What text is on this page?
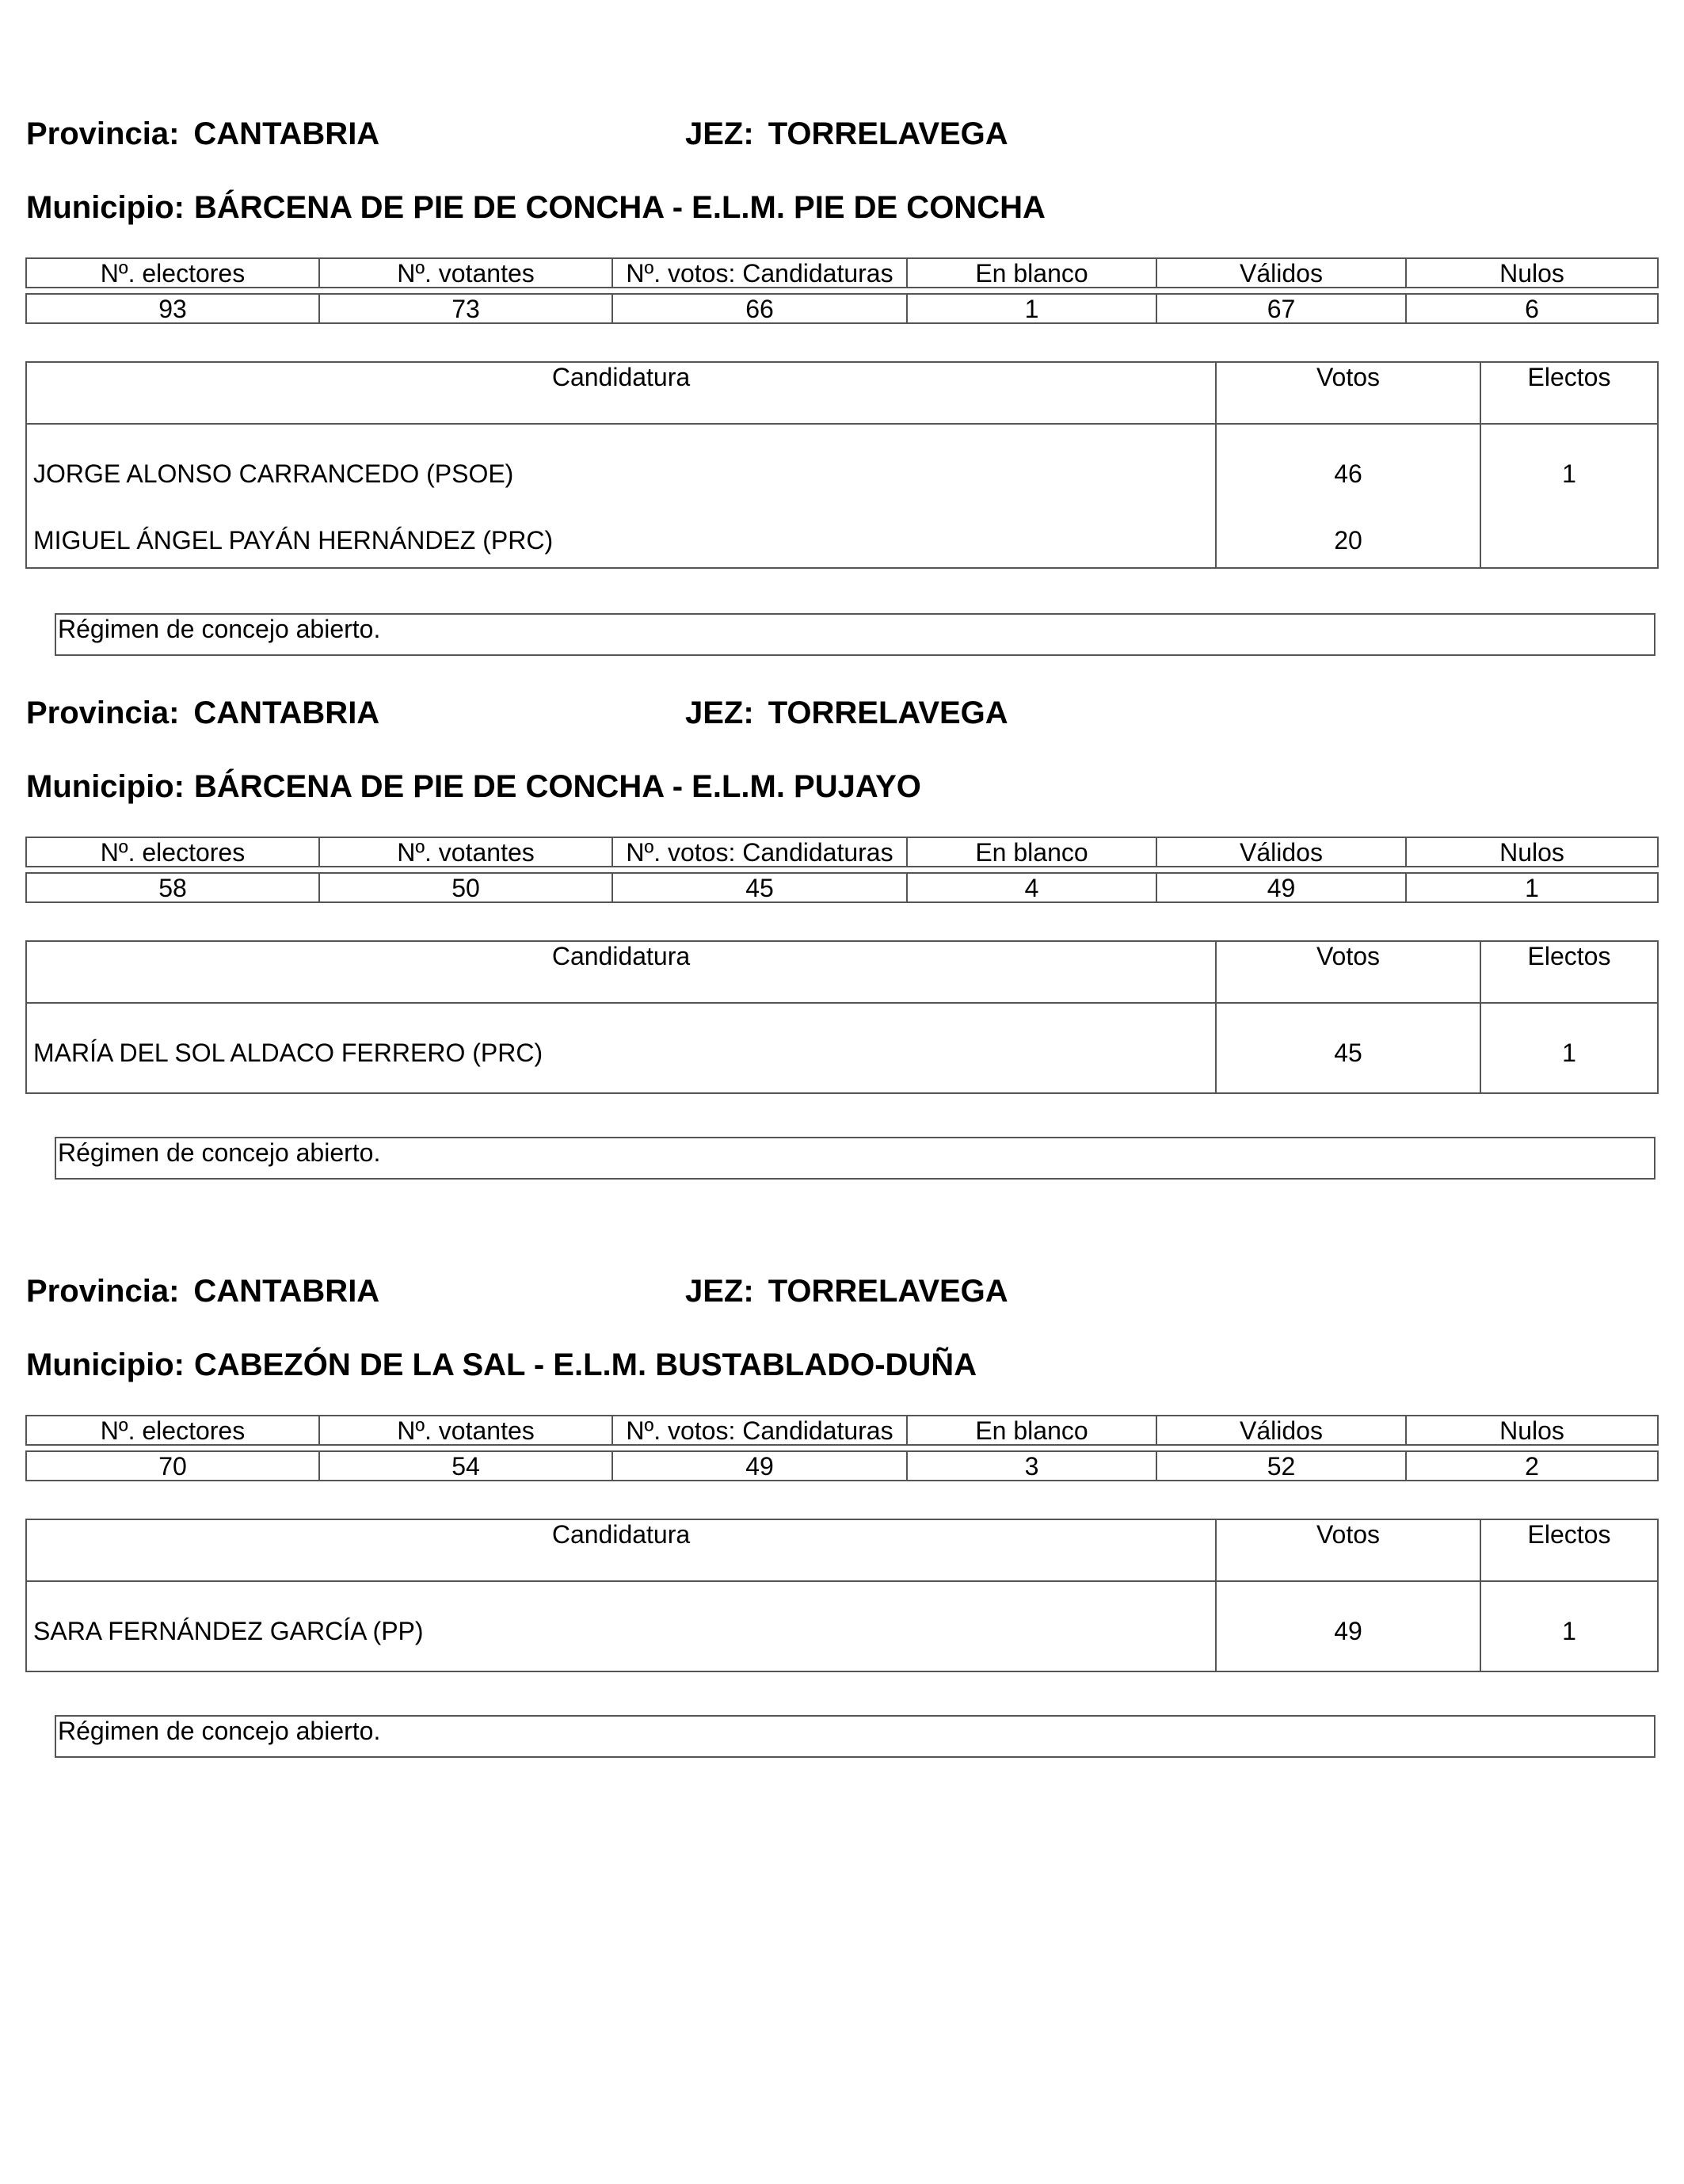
Provincia: CANTABRIA	JEZ: TORRELAVEGA
Municipio: BÁRCENA DE PIE DE CONCHA - E.L.M. PIE DE CONCHA
Nº. electores	Nº. votantes	Nº. votos: Candidaturas	En blanco	Válidos	Nulos

93	73	66	1	67	6
Candidatura	Votos	Electos
JORGE ALONSO CARRANCEDO (PSOE)	46	1
MIGUEL ÁNGEL PAYÁN HERNÁNDEZ (PRC)	20	
Régimen de concejo abierto.
Provincia: CANTABRIA	JEZ: TORRELAVEGA
Municipio: BÁRCENA DE PIE DE CONCHA - E.L.M. PUJAYO
Nº. electores	Nº. votantes	Nº. votos: Candidaturas	En blanco	Válidos	Nulos

58	50	45	4	49	1
Candidatura	Votos	Electos
MARÍA DEL SOL ALDACO FERRERO (PRC)	45	1
Régimen de concejo abierto.
Provincia: CANTABRIA	JEZ: TORRELAVEGA
Municipio: CABEZÓN DE LA SAL - E.L.M. BUSTABLADO-DUÑA
Nº. electores	Nº. votantes	Nº. votos: Candidaturas	En blanco	Válidos	Nulos

70	54	49	3	52	2
Candidatura	Votos	Electos
SARA FERNÁNDEZ GARCÍA (PP)	49	1
Régimen de concejo abierto.
